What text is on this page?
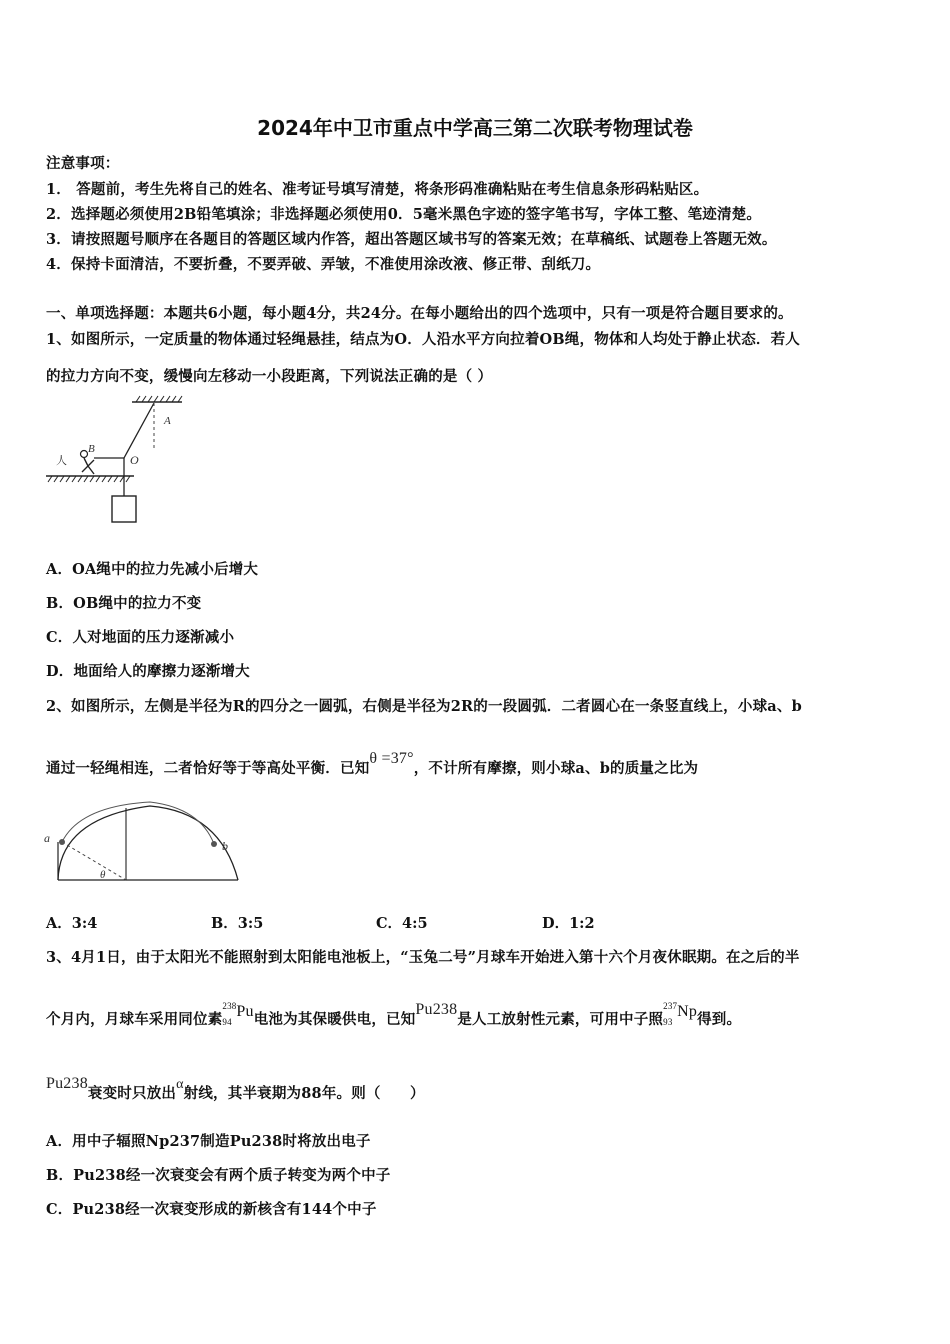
2024年中卫市重点中学高三第二次联考物理试卷
注意事项：
1． 答题前，考生先将自己的姓名、准考证号填写清楚，将条形码准确粘贴在考生信息条形码粘贴区。
2．选择题必须使用2B铅笔填涂；非选择题必须使用0．5毫米黑色字迹的签字笔书写，字体工整、笔迹清楚。
3．请按照题号顺序在各题目的答题区域内作答，超出答题区域书写的答案无效；在草稿纸、试题卷上答题无效。
4．保持卡面清洁，不要折叠，不要弄破、弄皱，不准使用涂改液、修正带、刮纸刀。
一、单项选择题：本题共6小题，每小题4分，共24分。在每小题给出的四个选项中，只有一项是符合题目要求的。
1、如图所示，一定质量的物体通过轻绳悬挂，结点为O．人沿水平方向拉着OB绳，物体和人均处于静止状态．若人
的拉力方向不变，缓慢向左移动一小段距离，下列说法正确的是（ ）
A
O
B
人
A．OA绳中的拉力先减小后增大
B．OB绳中的拉力不变
C．人对地面的压力逐渐减小
D．地面给人的摩擦力逐渐增大
2、如图所示，左侧是半径为R的四分之一圆弧，右侧是半径为2R的一段圆弧．二者圆心在一条竖直线上，小球a、b
通过一轻绳相连，二者恰好等于等高处平衡．已知θ =37°，不计所有摩擦，则小球a、b的质量之比为
a
b
θ
A．3:4	B．3:5	C．4:5	D．1:2
3、4月1日，由于太阳光不能照射到太阳能电池板上，“玉兔二号”月球车开始进入第十六个月夜休眠期。在之后的半
个月内，月球车采用同位素
238
94
Pu电池为其保暖供电，已知Pu238是人工放射性元素，可用中子照
237
93
Np得到。
Pu238衰变时只放出α射线，其半衰期为88年。则（　　）
A．用中子辐照Np237制造Pu238时将放出电子
B．Pu238经一次衰变会有两个质子转变为两个中子
C．Pu238经一次衰变形成的新核含有144个中子
